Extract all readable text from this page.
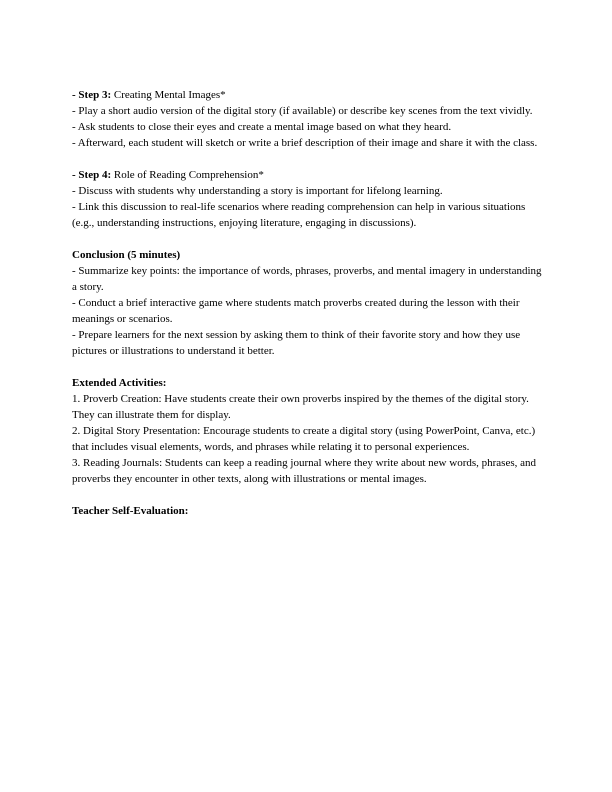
- Step 3: Creating Mental Images*
- Play a short audio version of the digital story (if available) or describe key scenes from the text vividly.
- Ask students to close their eyes and create a mental image based on what they heard.
- Afterward, each student will sketch or write a brief description of their image and share it with the class.
- Step 4: Role of Reading Comprehension*
- Discuss with students why understanding a story is important for lifelong learning.
- Link this discussion to real-life scenarios where reading comprehension can help in various situations (e.g., understanding instructions, enjoying literature, engaging in discussions).
Conclusion (5 minutes)
- Summarize key points: the importance of words, phrases, proverbs, and mental imagery in understanding a story.
- Conduct a brief interactive game where students match proverbs created during the lesson with their meanings or scenarios.
- Prepare learners for the next session by asking them to think of their favorite story and how they use pictures or illustrations to understand it better.
Extended Activities:
1. Proverb Creation: Have students create their own proverbs inspired by the themes of the digital story. They can illustrate them for display.
2. Digital Story Presentation: Encourage students to create a digital story (using PowerPoint, Canva, etc.) that includes visual elements, words, and phrases while relating it to personal experiences.
3. Reading Journals: Students can keep a reading journal where they write about new words, phrases, and proverbs they encounter in other texts, along with illustrations or mental images.
Teacher Self-Evaluation:
